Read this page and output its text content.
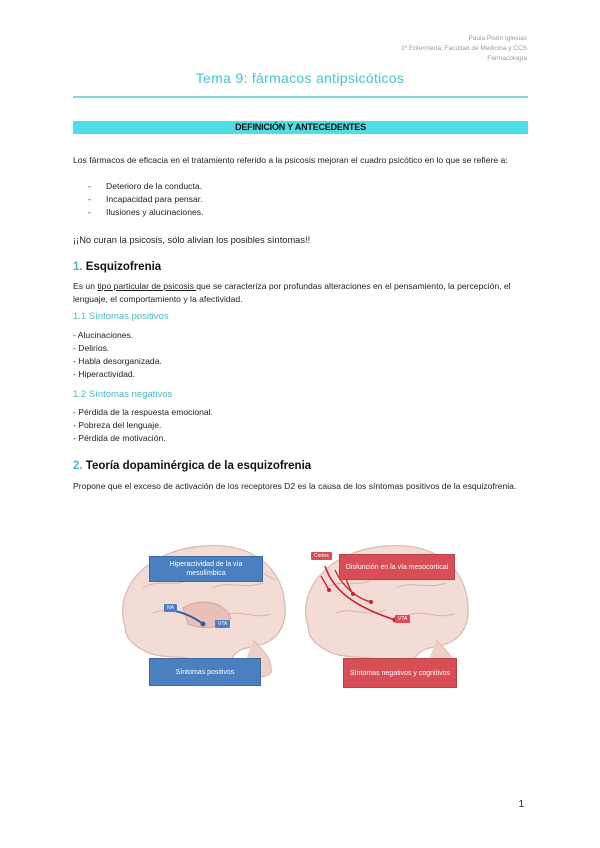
Paula Pisón Iglesias
1º Enfermería, Facultad de Medicina y CCS
Farmacología
Tema 9: fármacos antipsicóticos
DEFINICIÓN Y ANTECEDENTES
Los fármacos de eficacia en el tratamiento referido a la psicosis mejoran el cuadro psicótico en lo que se refiere a:
- Deterioro de la conducta.
- Incapacidad para pensar.
- Ilusiones y alucinaciones.
¡¡No curan la psicosis, sólo alivian los posibles síntomas!!
1. Esquizofrenia
Es un tipo particular de psicosis que se caracteriza por profundas alteraciones en el pensamiento, la percepción, el lenguaje, el comportamiento y la afectividad.
1.1 Síntomas positivos
- Alucinaciones.
- Delirios.
- Habla desorganizada.
- Hiperactividad.
1.2 Síntomas negativos
- Pérdida de la respuesta emocional.
- Pobreza del lenguaje.
- Pérdida de motivación.
2. Teoría dopaminérgica de la esquizofrenia
Propone que el exceso de activación de los receptores D2 es la causa de los síntomas positivos de la esquizofrenia.
Hiperactividad de la vía mesolímbica
Síntomas positivos
NA
VTA
Disfunción en la vía mesocortical
Síntomas negativos y cognitivos
Cortex
VTA
1
